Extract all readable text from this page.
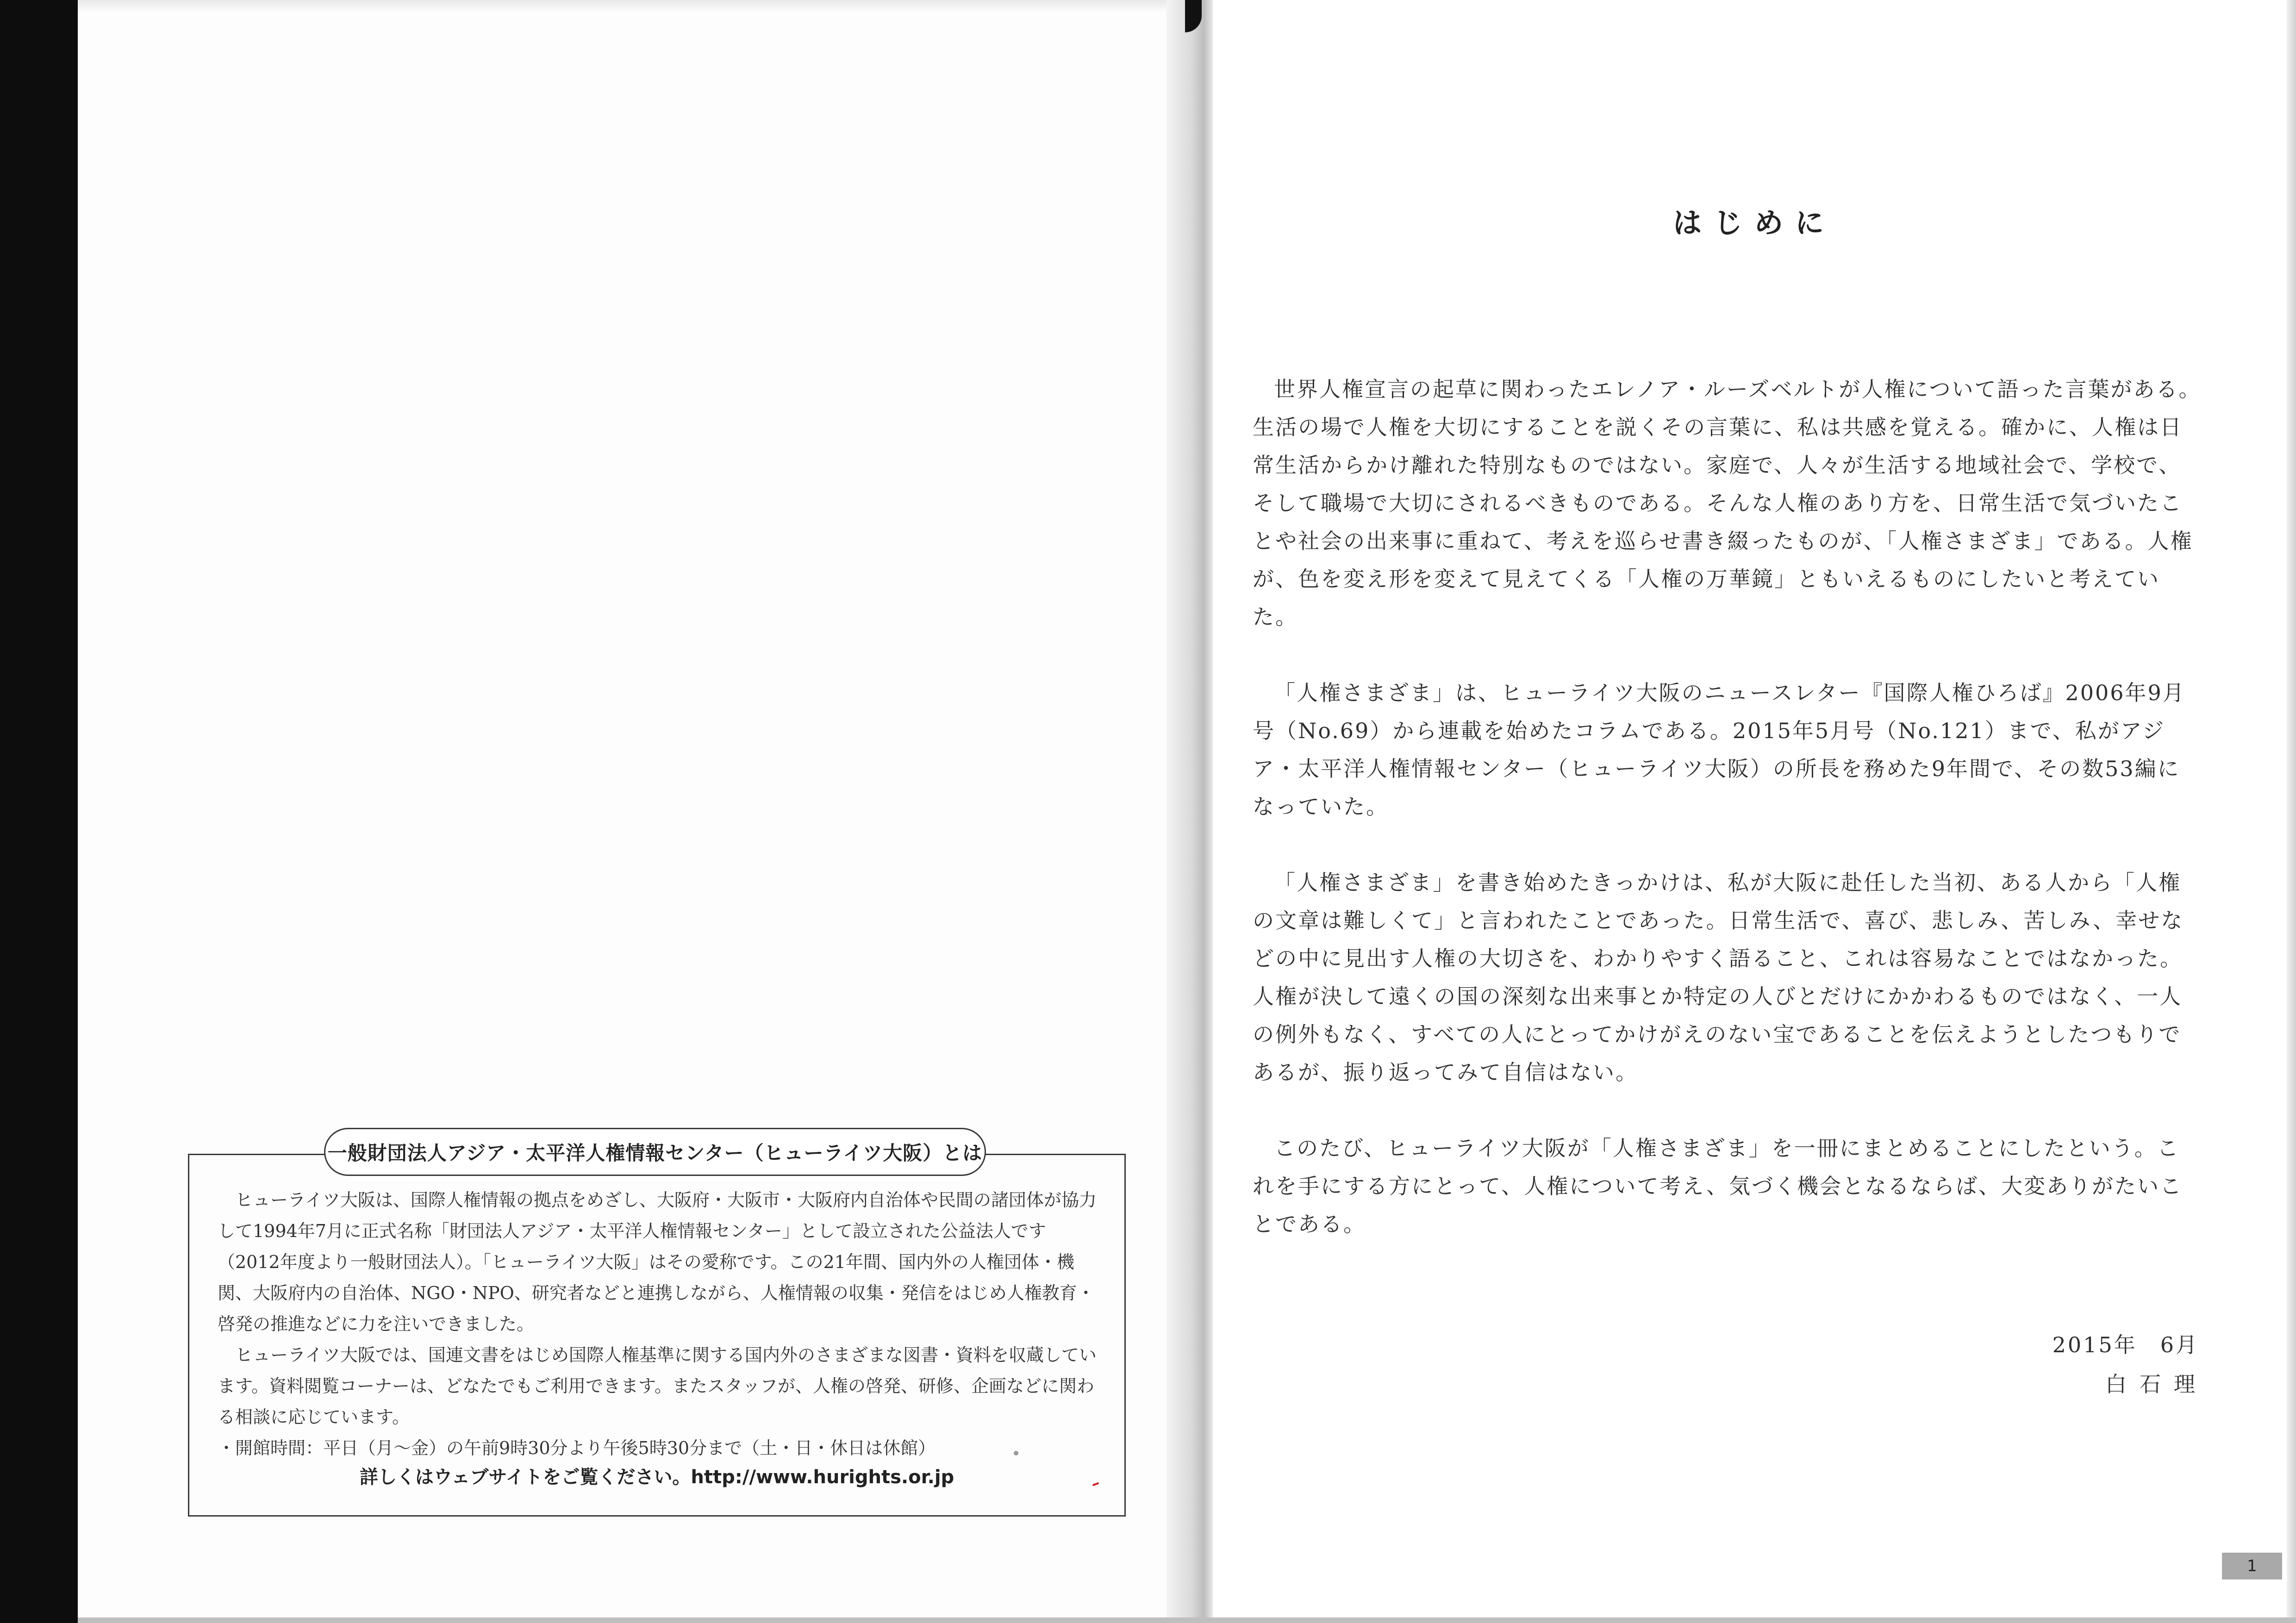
一般財団法人アジア・太平洋人権情報センター（ヒューライツ大阪）とは

ヒューライツ大阪は、国際人権情報の拠点をめざし、大阪府・大阪市・大阪府内自治体や民間の諸団体が協力して1994年7月に正式名称「財団法人アジア・太平洋人権情報センター」として設立された公益法人です（2012年度より一般財団法人）。「ヒューライツ大阪」はその愛称です。この21年間、国内外の人権団体・機関、大阪府内の自治体、NGO・NPO、研究者などと連携しながら、人権情報の収集・発信をはじめ人権教育・啓発の推進などに力を注いできました。

ヒューライツ大阪では、国連文書をはじめ国際人権基準に関する国内外のさまざまな図書・資料を収蔵しています。資料閲覧コーナーは、どなたでもご利用できます。またスタッフが、人権の啓発、研修、企画などに関わる相談に応じています。

・開館時間：平日（月～金）の午前9時30分より午後5時30分まで（土・日・休日は休館）

詳しくはウェブサイトをご覧ください。http://www.hurights.or.jp
はじめに

世界人権宣言の起草に関わったエレノア・ルーズベルトが人権について語った言葉がある。生活の場で人権を大切にすることを説くその言葉に、私は共感を覚える。確かに、人権は日常生活からかけ離れた特別なものではない。家庭で、人々が生活する地域社会で、学校で、そして職場で大切にされるべきものである。そんな人権のあり方を、日常生活で気づいたことや社会の出来事に重ねて、考えを巡らせ書き綴ったものが、「人権さまざま」である。人権が、色を変え形を変えて見えてくる「人権の万華鏡」ともいえるものにしたいと考えていた。

「人権さまざま」は、ヒューライツ大阪のニュースレター『国際人権ひろば』2006年9月号（No.69）から連載を始めたコラムである。2015年5月号（No.121）まで、私がアジア・太平洋人権情報センター（ヒューライツ大阪）の所長を務めた9年間で、その数53編になっていた。

「人権さまざま」を書き始めたきっかけは、私が大阪に赴任した当初、ある人から「人権の文章は難しくて」と言われたことであった。日常生活で、喜び、悲しみ、苦しみ、幸せなどの中に見出す人権の大切さを、わかりやすく語ること、これは容易なことではなかった。人権が決して遠くの国の深刻な出来事とか特定の人びとだけにかかわるものではなく、一人の例外もなく、すべての人にとってかけがえのない宝であることを伝えようとしたつもりであるが、振り返ってみて自信はない。

このたび、ヒューライツ大阪が「人権さまざま」を一冊にまとめることにしたという。これを手にする方にとって、人権について考え、気づく機会となるならば、大変ありがたいことである。

2015年　6月
白石理
1
